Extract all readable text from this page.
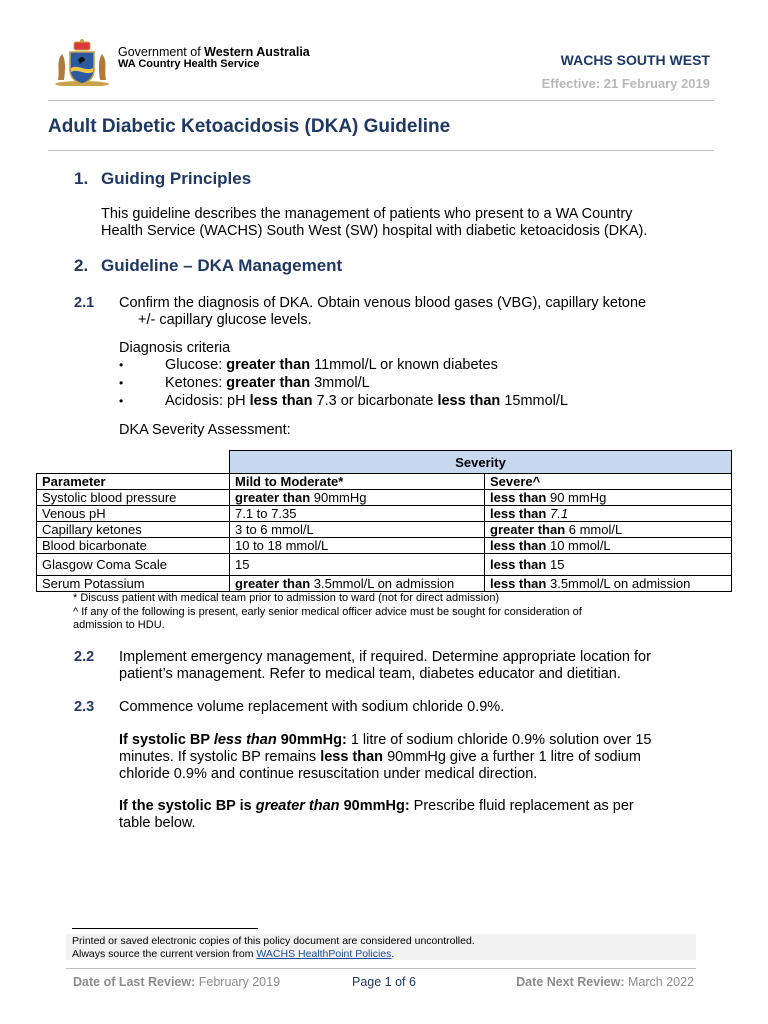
Government of Western Australia
WA Country Health Service	WACHS SOUTH WEST
Effective: 21 February 2019
Adult Diabetic Ketoacidosis (DKA) Guideline
1. Guiding Principles
This guideline describes the management of patients who present to a WA Country
Health Service (WACHS) South West (SW) hospital with diabetic ketoacidosis (DKA).
2. Guideline – DKA Management
2.1 Confirm the diagnosis of DKA. Obtain venous blood gases (VBG), capillary ketone
+/- capillary glucose levels.
Diagnosis criteria
•	Glucose: greater than 11mmol/L or known diabetes
•	Ketones: greater than 3mmol/L
•	Acidosis: pH less than 7.3 or bicarbonate less than 15mmol/L
DKA Severity Assessment:
	Severity	
Parameter	Mild to Moderate*	Severe^
Systolic blood pressure	greater than 90mmHg	less than 90 mmHg
Venous pH	7.1 to 7.35	less than 7.1
Capillary ketones	3 to 6 mmol/L	greater than 6 mmol/L
Blood bicarbonate	10 to 18 mmol/L	less than 10 mmol/L
Glasgow Coma Scale	15	less than 15
Serum Potassium	greater than 3.5mmol/L on admission	less than 3.5mmol/L on admission
* Discuss patient with medical team prior to admission to ward (not for direct admission)
^ If any of the following is present, early senior medical officer advice must be sought for consideration of
admission to HDU.
2.2 Implement emergency management, if required. Determine appropriate location for
patient’s management. Refer to medical team, diabetes educator and dietitian.
2.3 Commence volume replacement with sodium chloride 0.9%.
If systolic BP less than 90mmHg: 1 litre of sodium chloride 0.9% solution over 15
minutes. If systolic BP remains less than 90mmHg give a further 1 litre of sodium
chloride 0.9% and continue resuscitation under medical direction.
If the systolic BP is greater than 90mmHg: Prescribe fluid replacement as per
table below.
Printed or saved electronic copies of this policy document are considered uncontrolled.
Always source the current version from WACHS HealthPoint Policies.
Date of Last Review: February 2019	Page 1 of 6	Date Next Review: March 2022
